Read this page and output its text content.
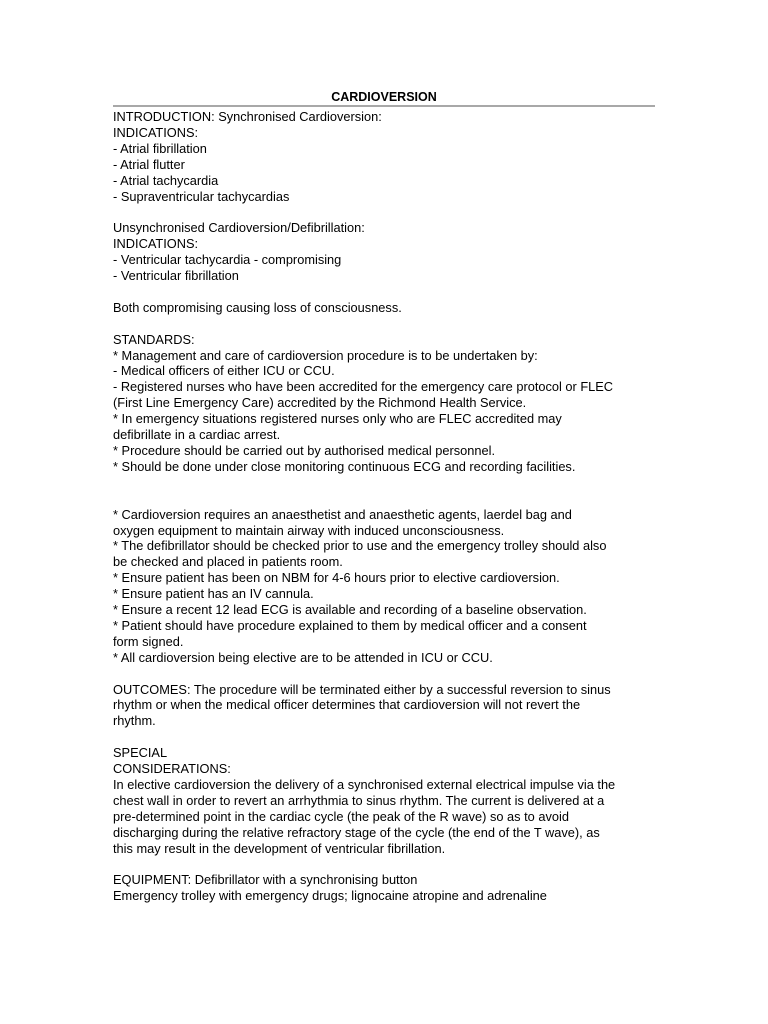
CARDIOVERSION
INTRODUCTION: Synchronised Cardioversion:
INDICATIONS:
- Atrial fibrillation
- Atrial flutter
- Atrial tachycardia
- Supraventricular tachycardias
Unsynchronised Cardioversion/Defibrillation:
INDICATIONS:
- Ventricular tachycardia - compromising
- Ventricular fibrillation
Both compromising causing loss of consciousness.
STANDARDS:
* Management and care of cardioversion procedure is to be undertaken by:
- Medical officers of either ICU or CCU.
- Registered nurses who have been accredited for the emergency care protocol or FLEC
(First Line Emergency Care) accredited by the Richmond Health Service.
* In emergency situations registered nurses only who are FLEC accredited may
defibrillate in a cardiac arrest.
* Procedure should be carried out by authorised medical personnel.
* Should be done under close monitoring continuous ECG and recording facilities.
* Cardioversion requires an anaesthetist and anaesthetic agents, laerdel bag and
oxygen equipment to maintain airway with induced unconsciousness.
* The defibrillator should be checked prior to use and the emergency trolley should also
be checked and placed in patients room.
* Ensure patient has been on NBM for 4-6 hours prior to elective cardioversion.
* Ensure patient has an IV cannula.
* Ensure a recent 12 lead ECG is available and recording of a baseline observation.
* Patient should have procedure explained to them by medical officer and a consent
form signed.
* All cardioversion being elective are to be attended in ICU or CCU.
OUTCOMES: The procedure will be terminated either by a successful reversion to sinus
rhythm or when the medical officer determines that cardioversion will not revert the
rhythm.
SPECIAL
CONSIDERATIONS:
In elective cardioversion the delivery of a synchronised external electrical impulse via the
chest wall in order to revert an arrhythmia to sinus rhythm. The current is delivered at a
pre-determined point in the cardiac cycle (the peak of the R wave) so as to avoid
discharging during the relative refractory stage of the cycle (the end of the T wave), as
this may result in the development of ventricular fibrillation.
EQUIPMENT: Defibrillator with a synchronising button
Emergency trolley with emergency drugs; lignocaine atropine and adrenaline
